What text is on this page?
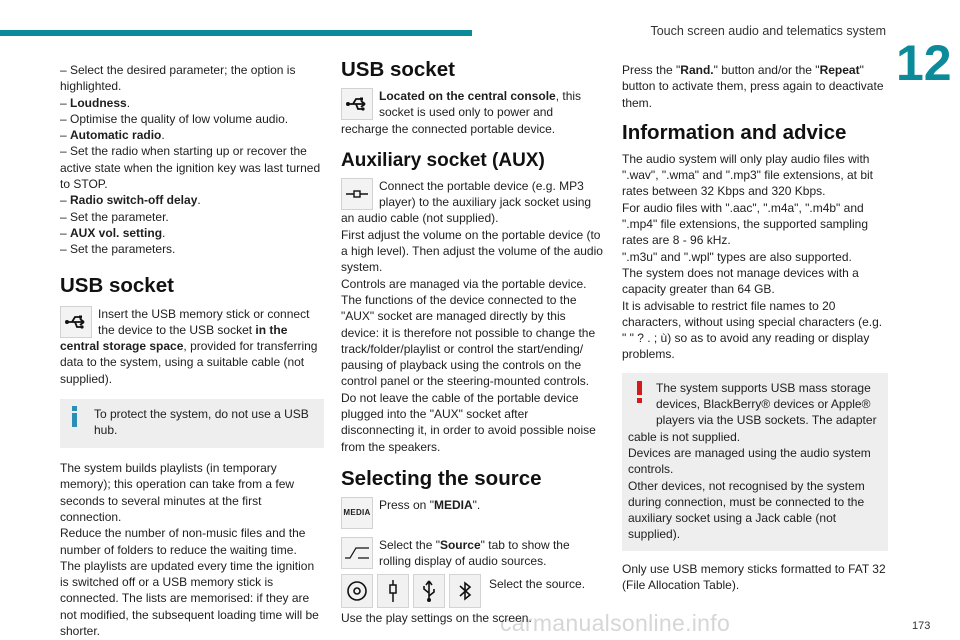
Touch screen audio and telematics system
12
173
carmanualsonline.info

– Select the desired parameter; the option is highlighted.

– Loudness.

– Optimise the quality of low volume audio.

– Automatic radio.

– Set the radio when starting up or recover the active state when the ignition key was last turned to STOP.

– Radio switch-off delay.

– Set the parameter.

– AUX vol. setting.

– Set the parameters.

USB socket

Insert the USB memory stick or connect the device to the USB socket in the central storage space, provided for transferring data to the system, using a suitable cable (not supplied).

To protect the system, do not use a USB hub.

The system builds playlists (in temporary memory); this operation can take from a few seconds to several minutes at the first connection.

Reduce the number of non-music files and the number of folders to reduce the waiting time.

The playlists are updated every time the ignition is switched off or a USB memory stick is connected. The lists are memorised: if they are not modified, the subsequent loading time will be shorter.

USB socket

Located on the central console, this socket is used only to power and recharge the connected portable device.

Auxiliary socket (AUX)

Connect the portable device (e.g. MP3 player) to the auxiliary jack socket using an audio cable (not supplied).

First adjust the volume on the portable device (to a high level). Then adjust the volume of the audio system.

Controls are managed via the portable device.

The functions of the device connected to the "AUX" socket are managed directly by this device: it is therefore not possible to change the track/folder/playlist or control the start/ending/ pausing of playback using the controls on the control panel or the steering-mounted controls.

Do not leave the cable of the portable device plugged into the "AUX" socket after disconnecting it, in order to avoid possible noise from the speakers.

Selecting the source
MEDIA

Press on "MEDIA".

Select the "Source" tab to show the rolling display of audio sources.

Select the source.

Use the play settings on the screen.

Press the "Rand." button and/or the "Repeat" button to activate them, press again to deactivate them.

Information and advice

The audio system will only play audio files with ".wav", ".wma" and ".mp3" file extensions, at bit rates between 32 Kbps and 320 Kbps.

For audio files with ".aac", ".m4a", ".m4b" and ".mp4" file extensions, the supported sampling rates are 8 - 96 kHz.

".m3u" and ".wpl" types are also supported.

The system does not manage devices with a capacity greater than 64 GB.

It is advisable to restrict file names to 20 characters, without using special characters (e.g. " " ? . ; ù) so as to avoid any reading or display problems.

The system supports USB mass storage devices, BlackBerry® devices or Apple® players via the USB sockets. The adapter cable is not supplied.

Devices are managed using the audio system controls.

Other devices, not recognised by the system during connection, must be connected to the auxiliary socket using a Jack cable (not supplied).

Only use USB memory sticks formatted to FAT 32 (File Allocation Table).
